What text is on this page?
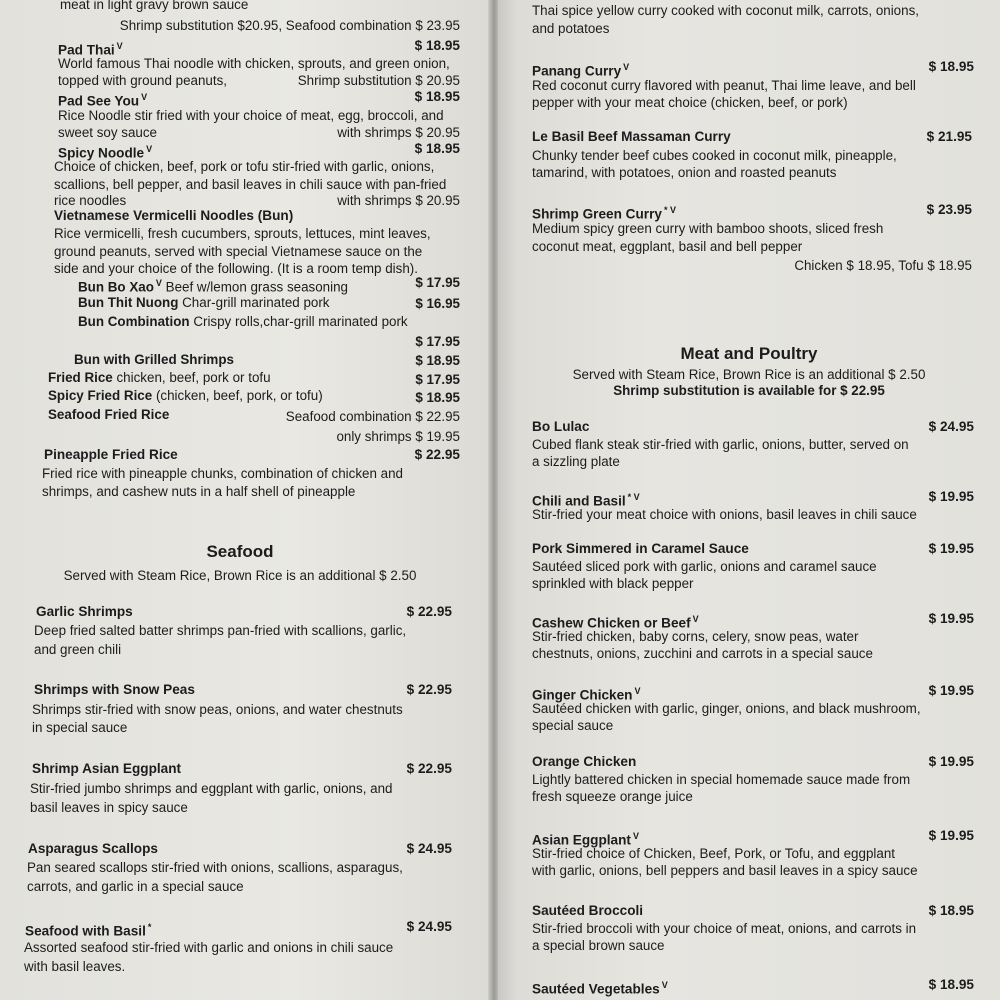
meat in light gravy brown sauce
Shrimp substitution $20.95, Seafood combination $ 23.95
Pad Thai $^V$	$ 18.95
World famous Thai noodle with chicken, sprouts, and green onion,
topped with ground peanuts,	Shrimp substitution $ 20.95
Pad See You $^V$	$ 18.95
Rice Noodle stir fried with your choice of meat, egg, broccoli, and
sweet soy sauce	with shrimps $ 20.95
Spicy Noodle $^V$	$ 18.95
Choice of chicken, beef, pork or tofu stir-fried with garlic, onions,
scallions, bell pepper, and basil leaves in chili sauce with pan-fried
rice noodles	with shrimps $ 20.95
Vietnamese Vermicelli Noodles (Bun)
Rice vermicelli, fresh cucumbers, sprouts, lettuces, mint leaves,
ground peanuts, served with special Vietnamese sauce on the
side and your choice of the following. (It is a room temp dish).
Bun Bo Xao $^V$ Beef w/lemon grass seasoning	$ 17.95
Bun Thit Nuong Char-grill marinated pork	$ 16.95
Bun Combination Crispy rolls,char-grill marinated pork
$ 17.95
Bun with Grilled Shrimps	$ 18.95
Fried Rice chicken, beef, pork or tofu	$ 17.95
Spicy Fried Rice (chicken, beef, pork, or tofu)	$ 18.95
Seafood Fried Rice	Seafood combination $ 22.95
only shrimps $ 19.95
Pineapple Fried Rice	$ 22.95
Fried rice with pineapple chunks, combination of chicken and
shrimps, and cashew nuts in a half shell of pineapple
Seafood
Served with Steam Rice, Brown Rice is an additional $ 2.50
Garlic Shrimps	$ 22.95
Deep fried salted batter shrimps pan-fried with scallions, garlic,
and green chili
Shrimps with Snow Peas	$ 22.95
Shrimps stir-fried with snow peas, onions, and water chestnuts
in special sauce
Shrimp Asian Eggplant	$ 22.95
Stir-fried jumbo shrimps and eggplant with garlic, onions, and
basil leaves in spicy sauce
Asparagus Scallops	$ 24.95
Pan seared scallops stir-fried with onions, scallions, asparagus,
carrots, and garlic in a special sauce
Seafood with Basil *	$ 24.95
Assorted seafood stir-fried with garlic and onions in chili sauce
with basil leaves.
Thai spice yellow curry cooked with coconut milk, carrots, onions,
and potatoes
Panang Curry $^V$	$ 18.95
Red coconut curry flavored with peanut, Thai lime leave, and bell
pepper with your meat choice (chicken, beef, or pork)
Le Basil Beef Massaman Curry	$ 21.95
Chunky tender beef cubes cooked in coconut milk, pineapple,
tamarind, with potatoes, onion and roasted peanuts
Shrimp Green Curry $^{* V}$	$ 23.95
Medium spicy green curry with bamboo shoots, sliced fresh
coconut meat, eggplant, basil and bell pepper
Chicken $ 18.95, Tofu $ 18.95
Meat and Poultry
Served with Steam Rice, Brown Rice is an additional $ 2.50
Shrimp substitution is available for $ 22.95
Bo Lulac	$ 24.95
Cubed flank steak stir-fried with garlic, onions, butter, served on
a sizzling plate
Chili and Basil $^{* V}$	$ 19.95
Stir-fried your meat choice with onions, basil leaves in chili sauce
Pork Simmered in Caramel Sauce	$ 19.95
Sautéed sliced pork with garlic, onions and caramel sauce
sprinkled with black pepper
Cashew Chicken or Beef $^V$	$ 19.95
Stir-fried chicken, baby corns, celery, snow peas, water
chestnuts, onions, zucchini and carrots in a special sauce
Ginger Chicken $^V$	$ 19.95
Sautéed chicken with garlic, ginger, onions, and black mushroom,
special sauce
Orange Chicken	$ 19.95
Lightly battered chicken in special homemade sauce made from
fresh squeeze orange juice
Asian Eggplant $^V$	$ 19.95
Stir-fried choice of Chicken, Beef, Pork, or Tofu, and eggplant
with garlic, onions, bell peppers and basil leaves in a spicy sauce
Sautéed Broccoli	$ 18.95
Stir-fried broccoli with your choice of meat, onions, and carrots in
a special brown sauce
Sautéed Vegetables $^V$	$ 18.95
